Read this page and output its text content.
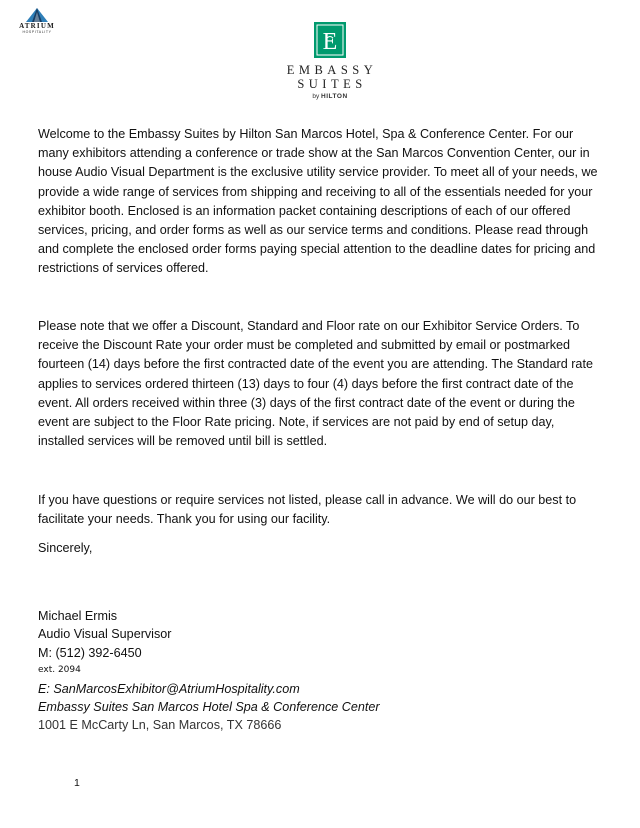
ATRIUM
HOSPITALITY	E
EMBASSY
SUITES
by HILTON

Welcome to the Embassy Suites by Hilton San Marcos Hotel, Spa & Conference Center. For our many exhibitors attending a conference or trade show at the San Marcos Convention Center, our in house Audio Visual Department is the exclusive utility service provider. To meet all of your needs, we provide a wide range of services from shipping and receiving to all of the essentials needed for your exhibitor booth. Enclosed is an information packet containing descriptions of each of our offered services, pricing, and order forms as well as our service terms and conditions. Please read through and complete the enclosed order forms paying special attention to the deadline dates for pricing and restrictions of services offered.

Please note that we offer a Discount, Standard and Floor rate on our Exhibitor Service Orders. To receive the Discount Rate your order must be completed and submitted by email or postmarked fourteen (14) days before the first contracted date of the event you are attending. The Standard rate applies to services ordered thirteen (13) days to four (4) days before the first contract date of the event. All orders received within three (3) days of the first contract date of the event or during the event are subject to the Floor Rate pricing. Note, if services are not paid by end of setup day, installed services will be removed until bill is settled.

If you have questions or require services not listed, please call in advance. We will do our best to facilitate your needs. Thank you for using our facility.

Sincerely,

Michael Ermis
Audio Visual Supervisor
M: (512) 392-6450
ext. 2094
E: SanMarcosExhibitor@AtriumHospitality.com
Embassy Suites San Marcos Hotel Spa & Conference Center
1001 E McCarty Ln, San Marcos, TX 78666
1
